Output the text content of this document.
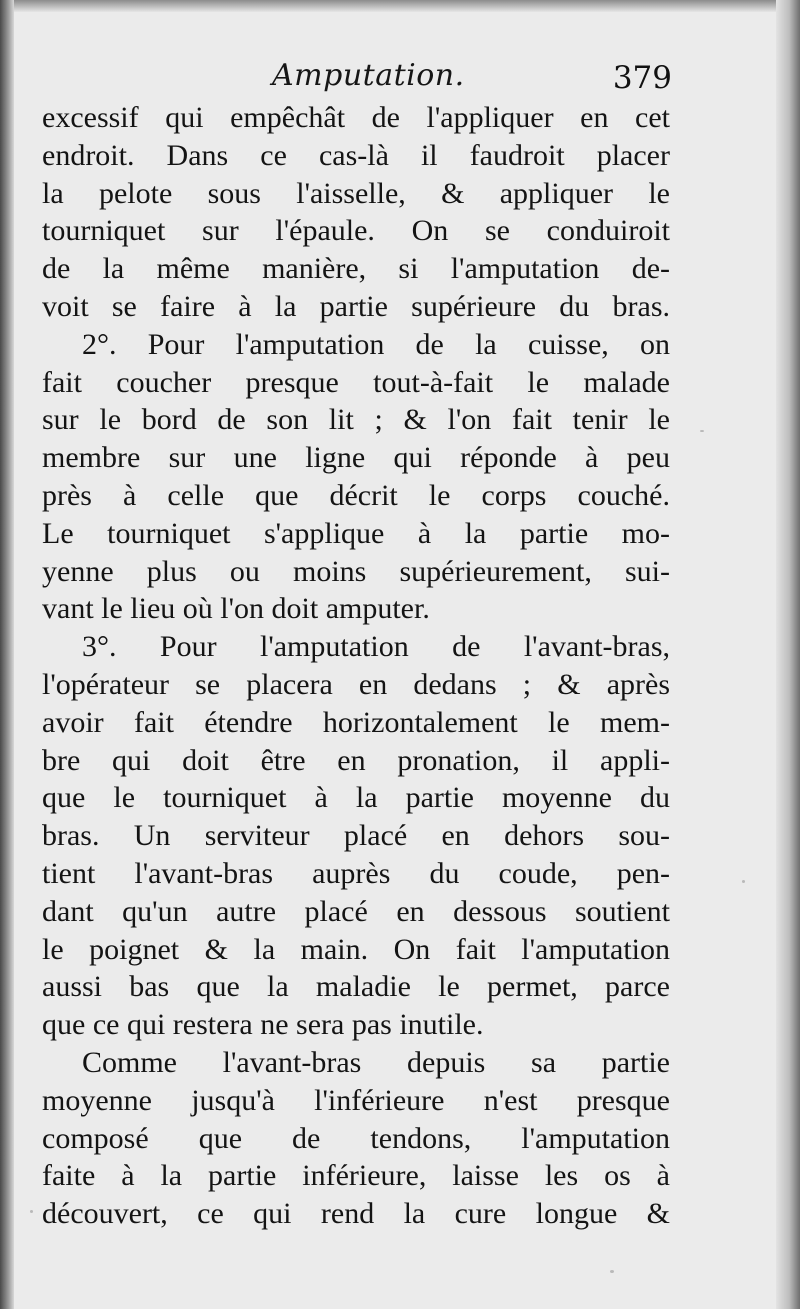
Amputation.	379
excessif qui empêchât de l'appliquer en cet
endroit. Dans ce cas-là il faudroit placer
la pelote sous l'aisselle, & appliquer le
tourniquet sur l'épaule. On se conduiroit
de la même manière, si l'amputation de-
voit se faire à la partie supérieure du bras.
2°. Pour l'amputation de la cuisse, on
fait coucher presque tout-à-fait le malade
sur le bord de son lit ; & l'on fait tenir le
membre sur une ligne qui réponde à peu
près à celle que décrit le corps couché.
Le tourniquet s'applique à la partie mo-
yenne plus ou moins supérieurement, sui-
vant le lieu où l'on doit amputer.
3°. Pour l'amputation de l'avant-bras,
l'opérateur se placera en dedans ; & après
avoir fait étendre horizontalement le mem-
bre qui doit être en pronation, il appli-
que le tourniquet à la partie moyenne du
bras. Un serviteur placé en dehors sou-
tient l'avant-bras auprès du coude, pen-
dant qu'un autre placé en dessous soutient
le poignet & la main. On fait l'amputation
aussi bas que la maladie le permet, parce
que ce qui restera ne sera pas inutile.
Comme l'avant-bras depuis sa partie
moyenne jusqu'à l'inférieure n'est presque
composé que de tendons, l'amputation
faite à la partie inférieure, laisse les os à
découvert, ce qui rend la cure longue &
